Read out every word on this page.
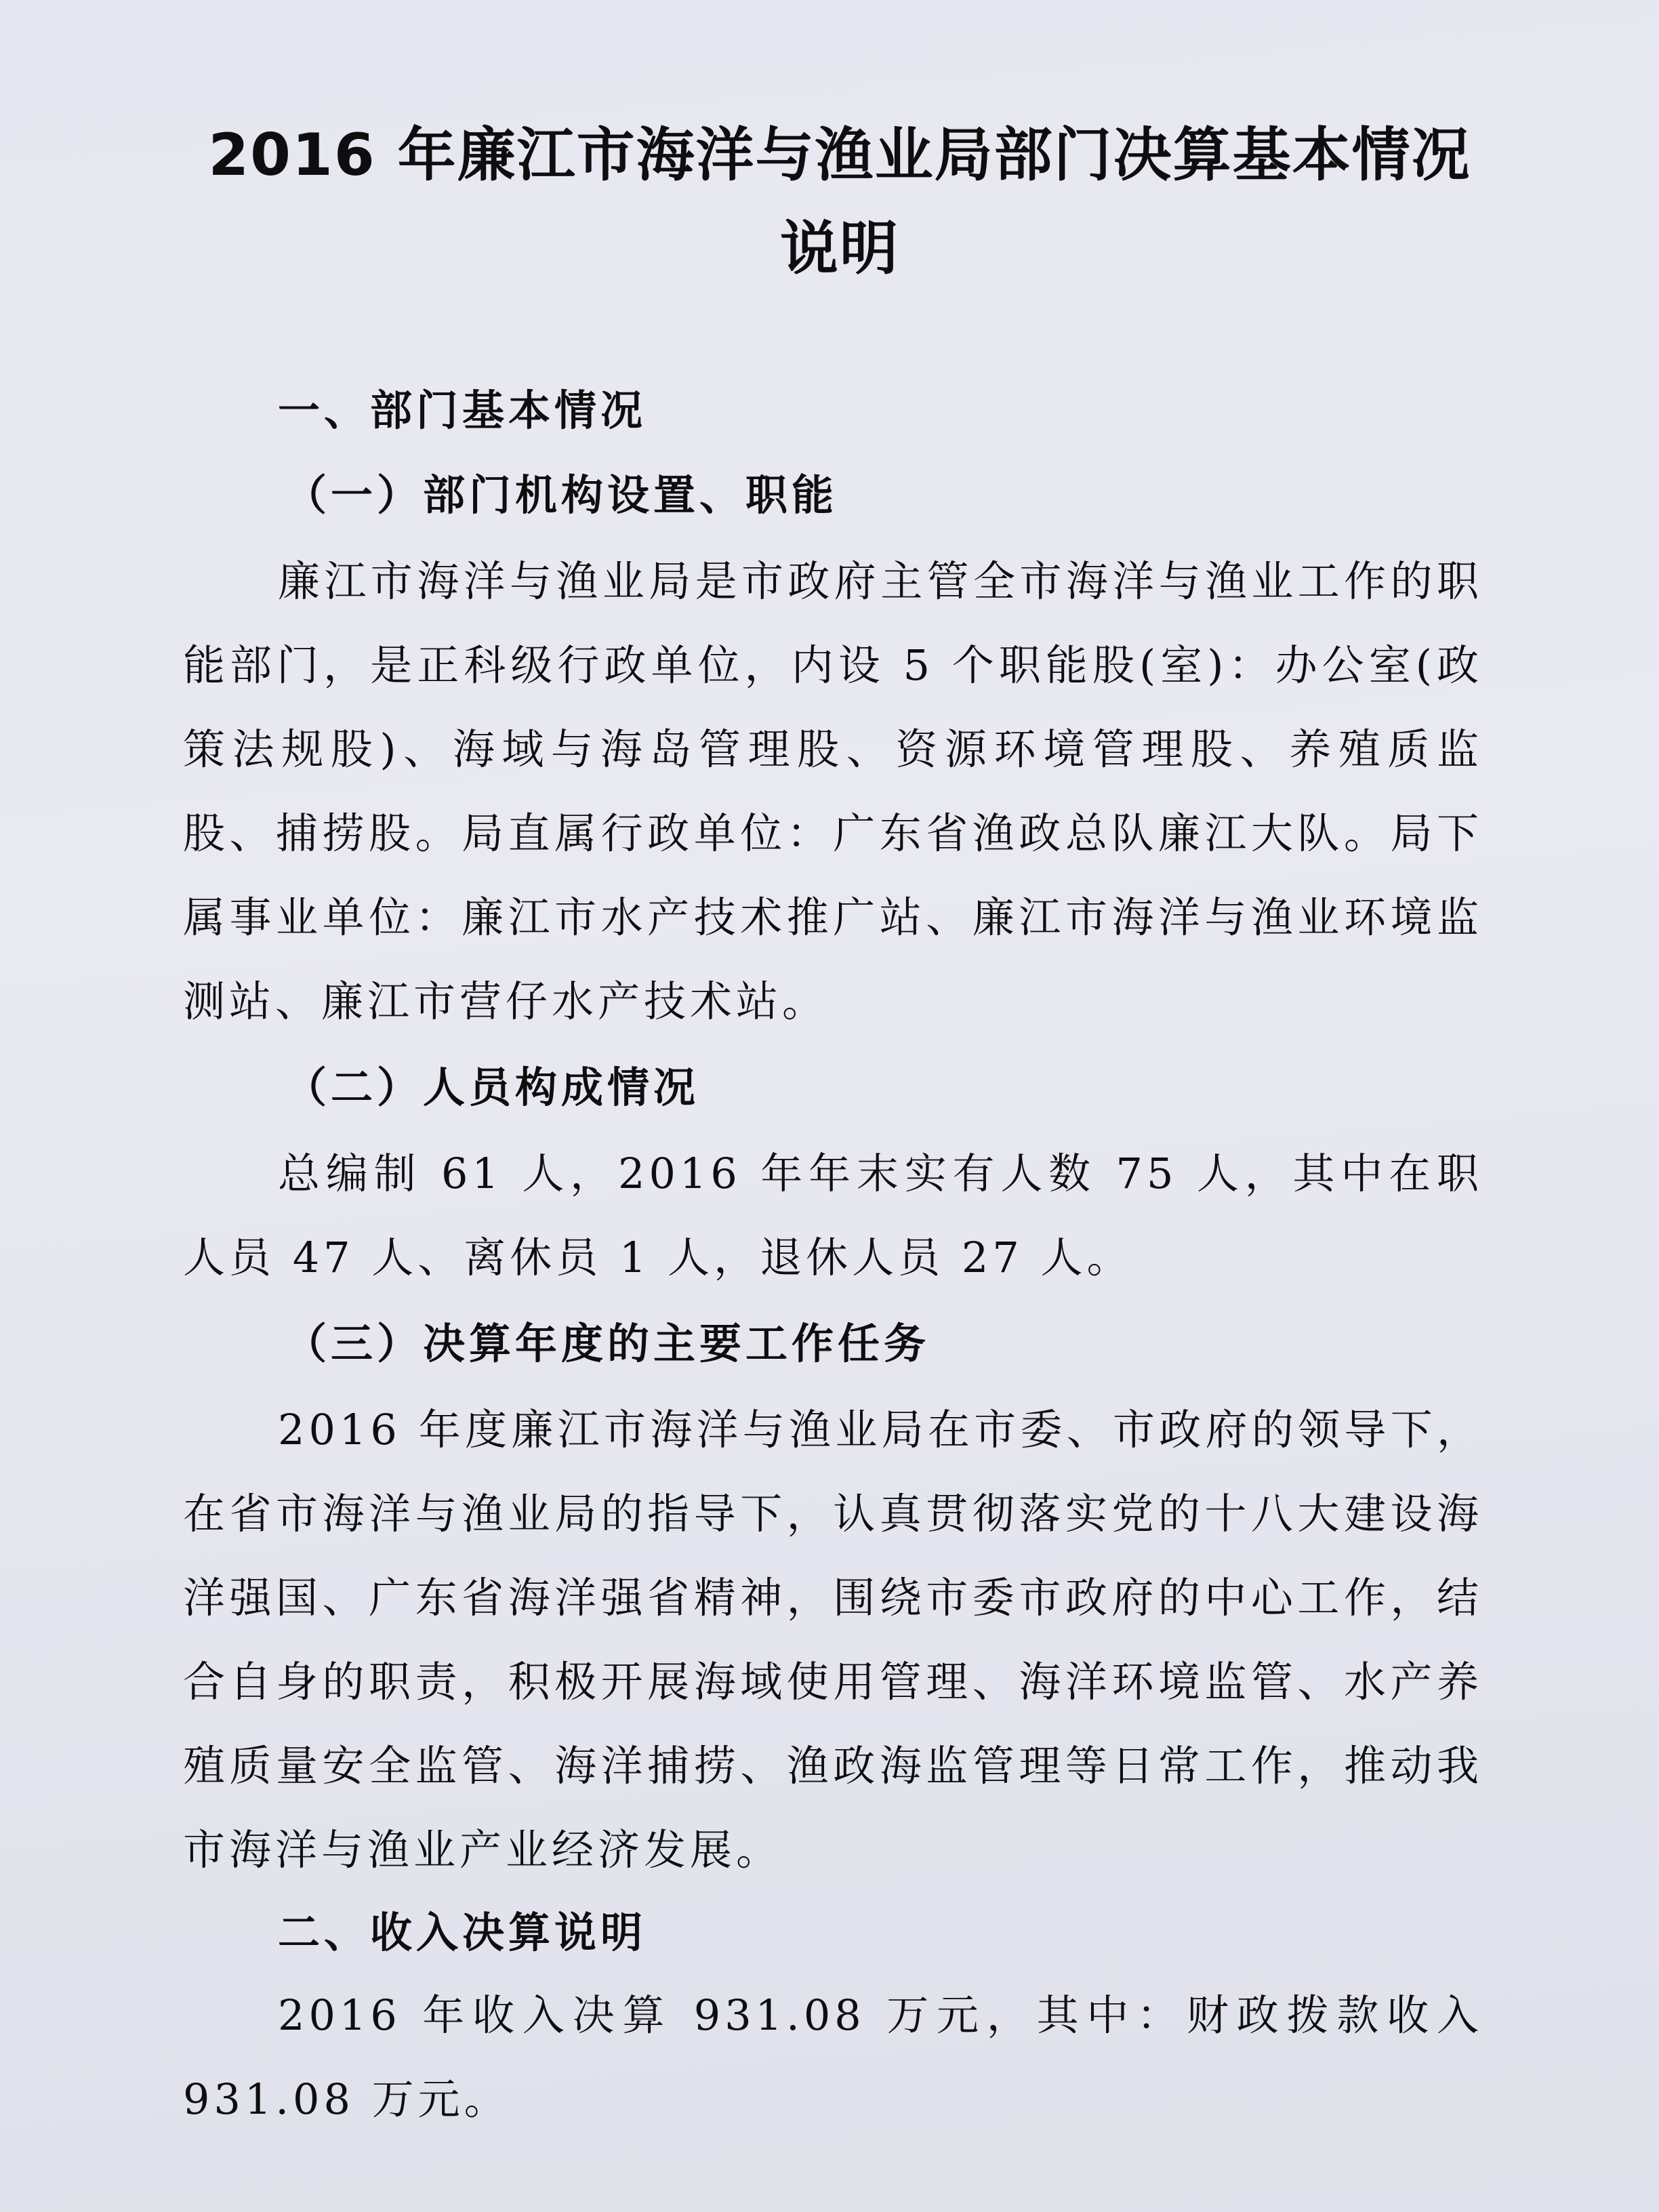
2016 年廉江市海洋与渔业局部门决算基本情况
说明

一、部门基本情况

（一）部门机构设置、职能

廉江市海洋与渔业局是市政府主管全市海洋与渔业工作的职能部门，是正科级行政单位，内设 5 个职能股(室)：办公室(政策法规股)、海域与海岛管理股、资源环境管理股、养殖质监股、捕捞股。局直属行政单位：广东省渔政总队廉江大队。局下属事业单位：廉江市水产技术推广站、廉江市海洋与渔业环境监测站、廉江市营仔水产技术站。

（二）人员构成情况

总编制 61 人，2016 年年末实有人数 75 人，其中在职人员 47 人、离休员 1 人，退休人员 27 人。

（三）决算年度的主要工作任务

2016 年度廉江市海洋与渔业局在市委、市政府的领导下，在省市海洋与渔业局的指导下，认真贯彻落实党的十八大建设海洋强国、广东省海洋强省精神，围绕市委市政府的中心工作，结合自身的职责，积极开展海域使用管理、海洋环境监管、水产养殖质量安全监管、海洋捕捞、渔政海监管理等日常工作，推动我市海洋与渔业产业经济发展。

二、收入决算说明

2016 年收入决算 931.08 万元，其中：财政拨款收入 931.08 万元。
